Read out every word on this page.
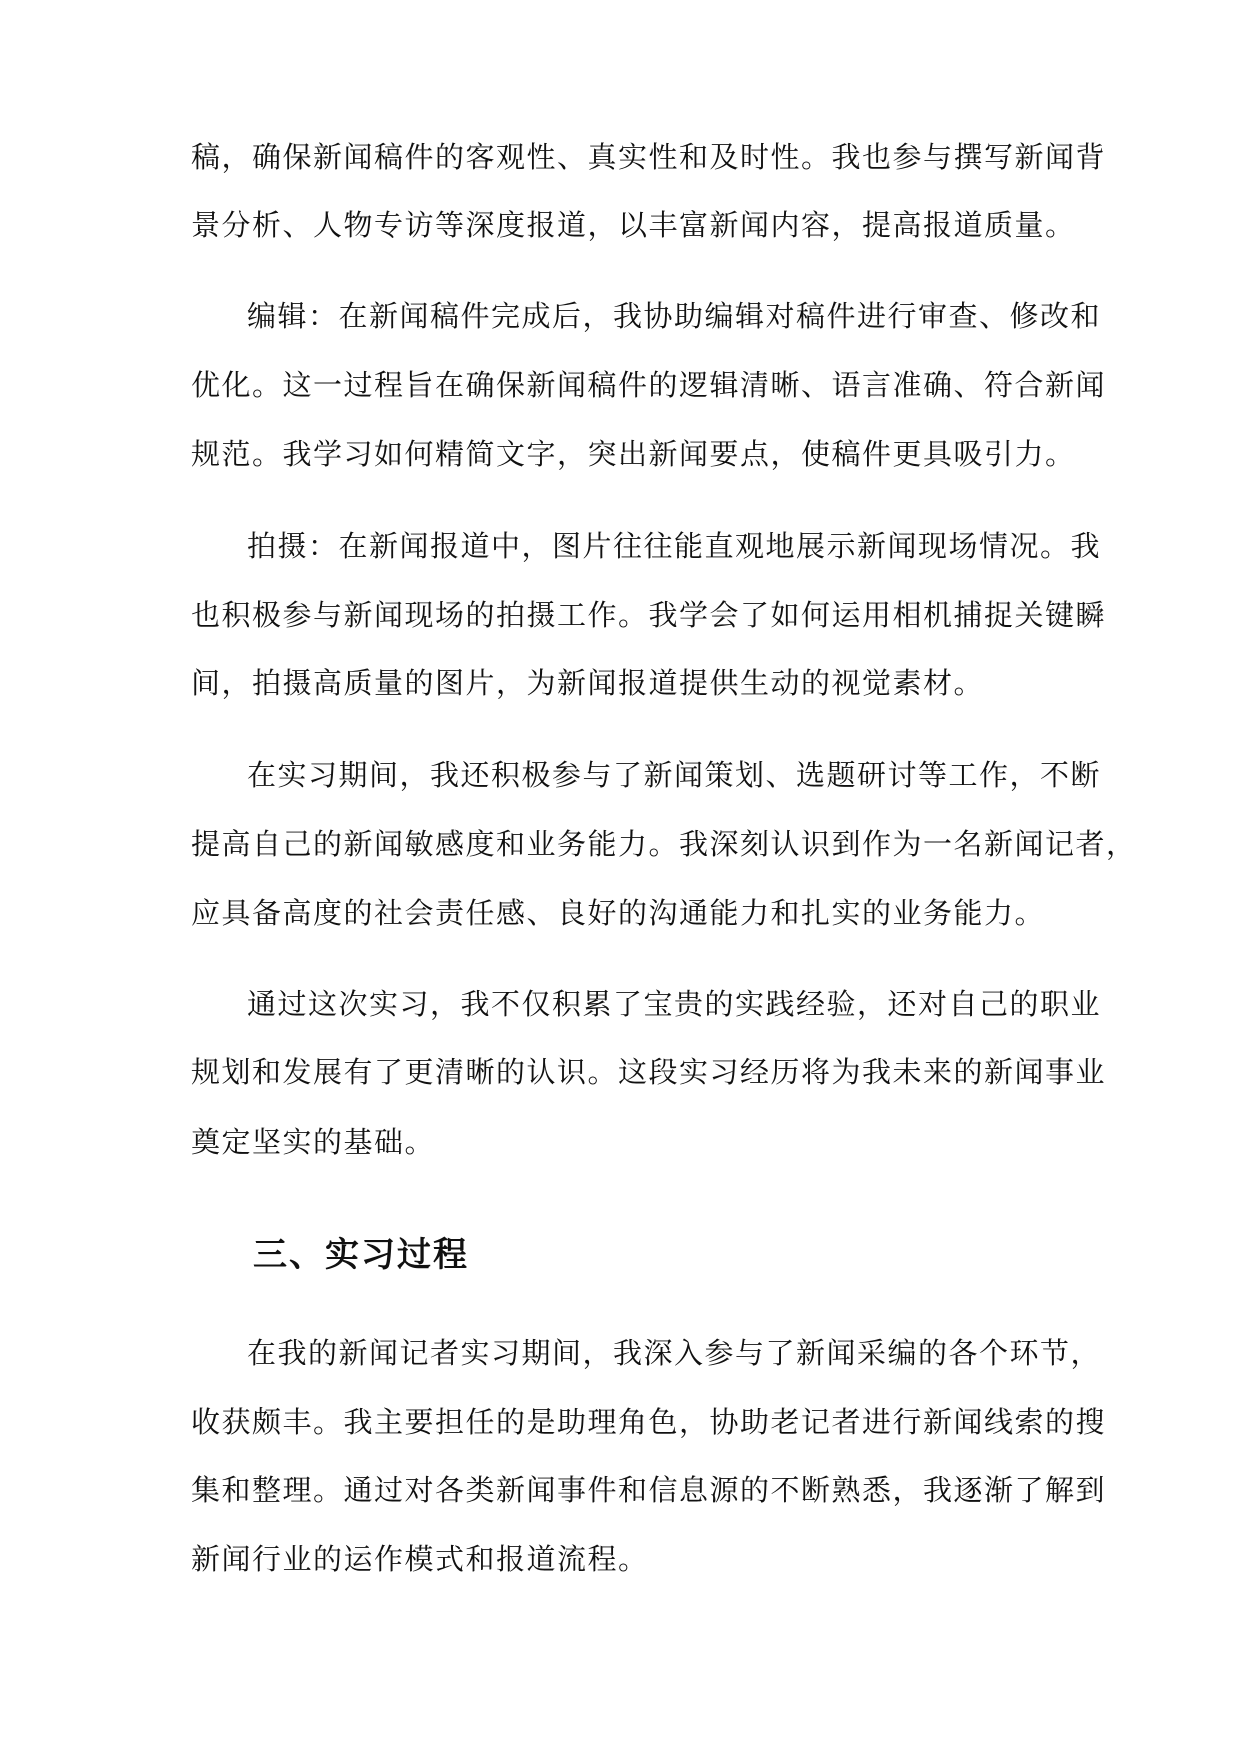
稿，确保新闻稿件的客观性、真实性和及时性。我也参与撰写新闻背
景分析、人物专访等深度报道，以丰富新闻内容，提高报道质量。
编辑：在新闻稿件完成后，我协助编辑对稿件进行审查、修改和
优化。这一过程旨在确保新闻稿件的逻辑清晰、语言准确、符合新闻
规范。我学习如何精简文字，突出新闻要点，使稿件更具吸引力。
拍摄：在新闻报道中，图片往往能直观地展示新闻现场情况。我
也积极参与新闻现场的拍摄工作。我学会了如何运用相机捕捉关键瞬
间，拍摄高质量的图片，为新闻报道提供生动的视觉素材。
在实习期间，我还积极参与了新闻策划、选题研讨等工作，不断
提高自己的新闻敏感度和业务能力。我深刻认识到作为一名新闻记者，
应具备高度的社会责任感、良好的沟通能力和扎实的业务能力。
通过这次实习，我不仅积累了宝贵的实践经验，还对自己的职业
规划和发展有了更清晰的认识。这段实习经历将为我未来的新闻事业
奠定坚实的基础。
三、实习过程
在我的新闻记者实习期间，我深入参与了新闻采编的各个环节，
收获颇丰。我主要担任的是助理角色，协助老记者进行新闻线索的搜
集和整理。通过对各类新闻事件和信息源的不断熟悉，我逐渐了解到
新闻行业的运作模式和报道流程。
